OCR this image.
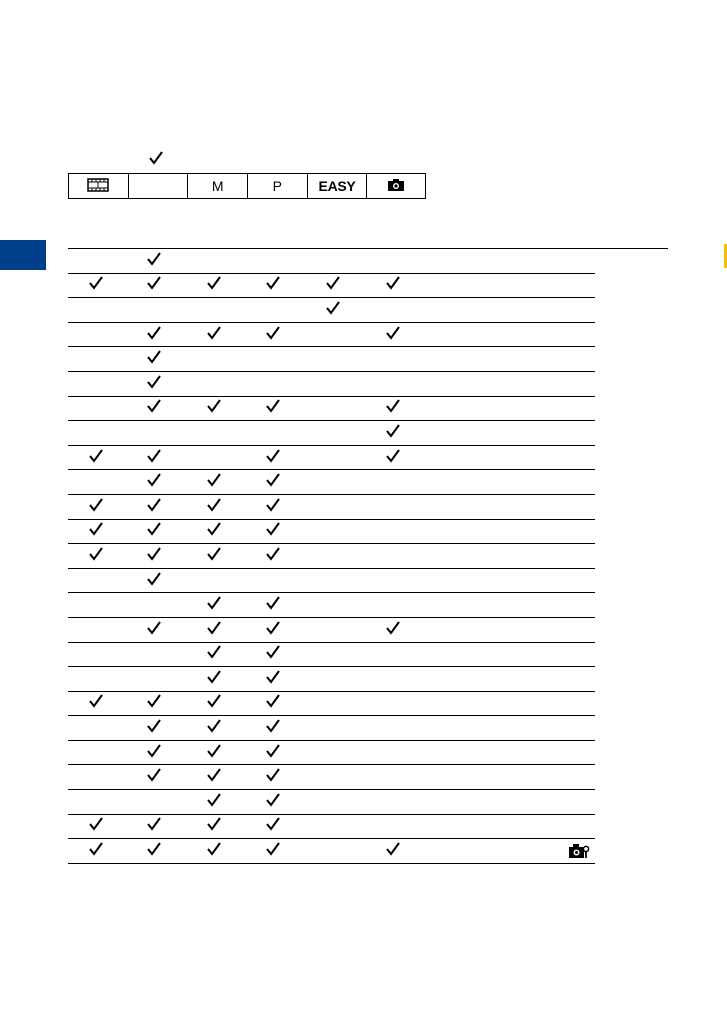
M	P	EASY
